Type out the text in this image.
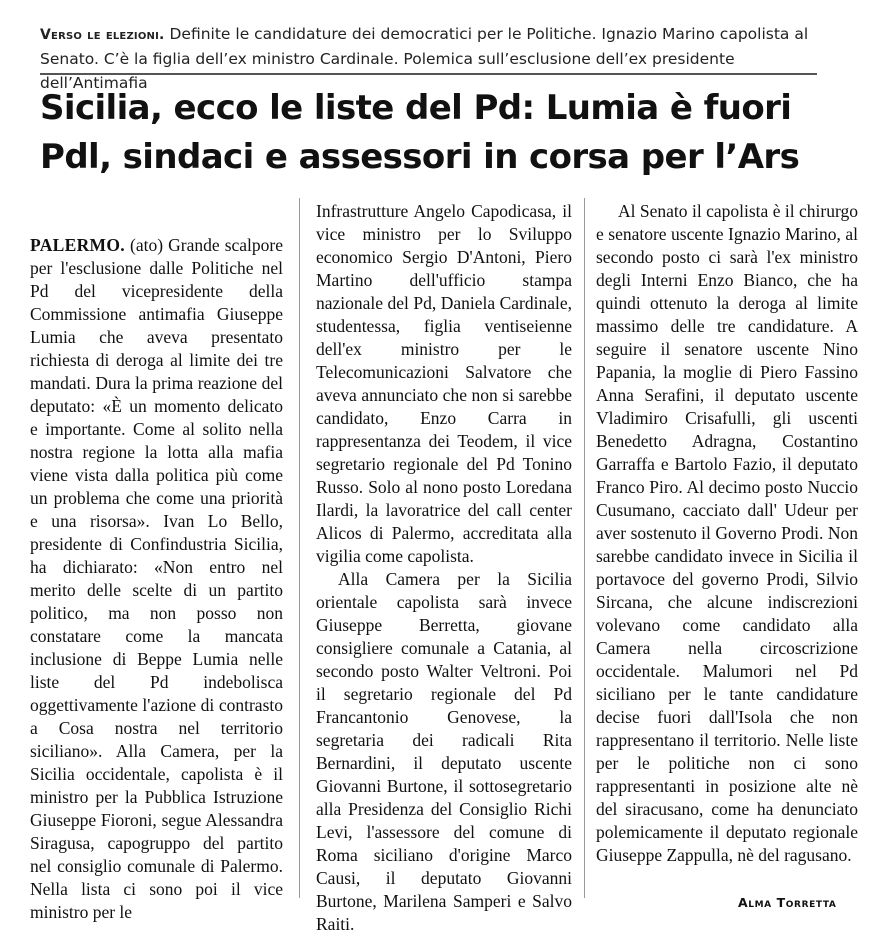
Verso le elezioni. Definite le candidature dei democratici per le Politiche. Ignazio Marino capolista al Senato. C’è la figlia dell’ex ministro Cardinale. Polemica sull’esclusione dell’ex presidente dell’Antimafia
Sicilia, ecco le liste del Pd: Lumia è fuori
Pdl, sindaci e assessori in corsa per l’Ars

PALERMO. (ato) Grande scalpore per l'esclusione dalle Politiche nel Pd del vicepresidente della Commissione antimafia Giuseppe Lumia che aveva presentato richiesta di deroga al limite dei tre mandati. Dura la prima reazione del deputato: «È un momento delicato e importante. Come al solito nella nostra regione la lotta alla mafia viene vista dalla politica più come un problema che come una priorità e una risorsa». Ivan Lo Bello, presidente di Confindustria Sicilia, ha dichiarato: «Non entro nel merito delle scelte di un partito politico, ma non posso non constatare come la mancata inclusione di Beppe Lumia nelle liste del Pd indebolisca oggettivamente l'azione di contrasto a Cosa nostra nel territorio siciliano». Alla Camera, per la Sicilia occidentale, capolista è il ministro per la Pubblica Istruzione Giuseppe Fioroni, segue Alessandra Siragusa, capogruppo del partito nel consiglio comunale di Palermo. Nella lista ci sono poi il vice ministro per le

Infrastrutture Angelo Capodicasa, il vice ministro per lo Sviluppo economico Sergio D'Antoni, Piero Martino dell'ufficio stampa nazionale del Pd, Daniela Cardinale, studentessa, figlia ventiseienne dell'ex ministro per le Telecomunicazioni Salvatore che aveva annunciato che non si sarebbe candidato, Enzo Carra in rappresentanza dei Teodem, il vice segretario regionale del Pd Tonino Russo. Solo al nono posto Loredana Ilardi, la lavoratrice del call center Alicos di Palermo, accreditata alla vigilia come capolista.

Alla Camera per la Sicilia orientale capolista sarà invece Giuseppe Berretta, giovane consigliere comunale a Catania, al secondo posto Walter Veltroni. Poi il segretario regionale del Pd Francantonio Genovese, la segretaria dei radicali Rita Bernardini, il deputato uscente Giovanni Burtone, il sottosegretario alla Presidenza del Consiglio Richi Levi, l'assessore del comune di Roma siciliano d'origine Marco Causi, il deputato Giovanni Burtone, Marilena Samperi e Salvo Raiti.

Al Senato il capolista è il chirurgo e senatore uscente Ignazio Marino, al secondo posto ci sarà l'ex ministro degli Interni Enzo Bianco, che ha quindi ottenuto la deroga al limite massimo delle tre candidature. A seguire il senatore uscente Nino Papania, la moglie di Piero Fassino Anna Serafini, il deputato uscente Vladimiro Crisafulli, gli uscenti Benedetto Adragna, Costantino Garraffa e Bartolo Fazio, il deputato Franco Piro. Al decimo posto Nuccio Cusumano, cacciato dall' Udeur per aver sostenuto il Governo Prodi. Non sarebbe candidato invece in Sicilia il portavoce del governo Prodi, Silvio Sircana, che alcune indiscrezioni volevano come candidato alla Camera nella circoscrizione occidentale. Malumori nel Pd siciliano per le tante candidature decise fuori dall'Isola che non rappresentano il territorio. Nelle liste per le politiche non ci sono rappresentanti in posizione alte nè del siracusano, come ha denunciato polemicamente il deputato regionale Giuseppe Zappulla, nè del ragusano.

Alma Torretta
